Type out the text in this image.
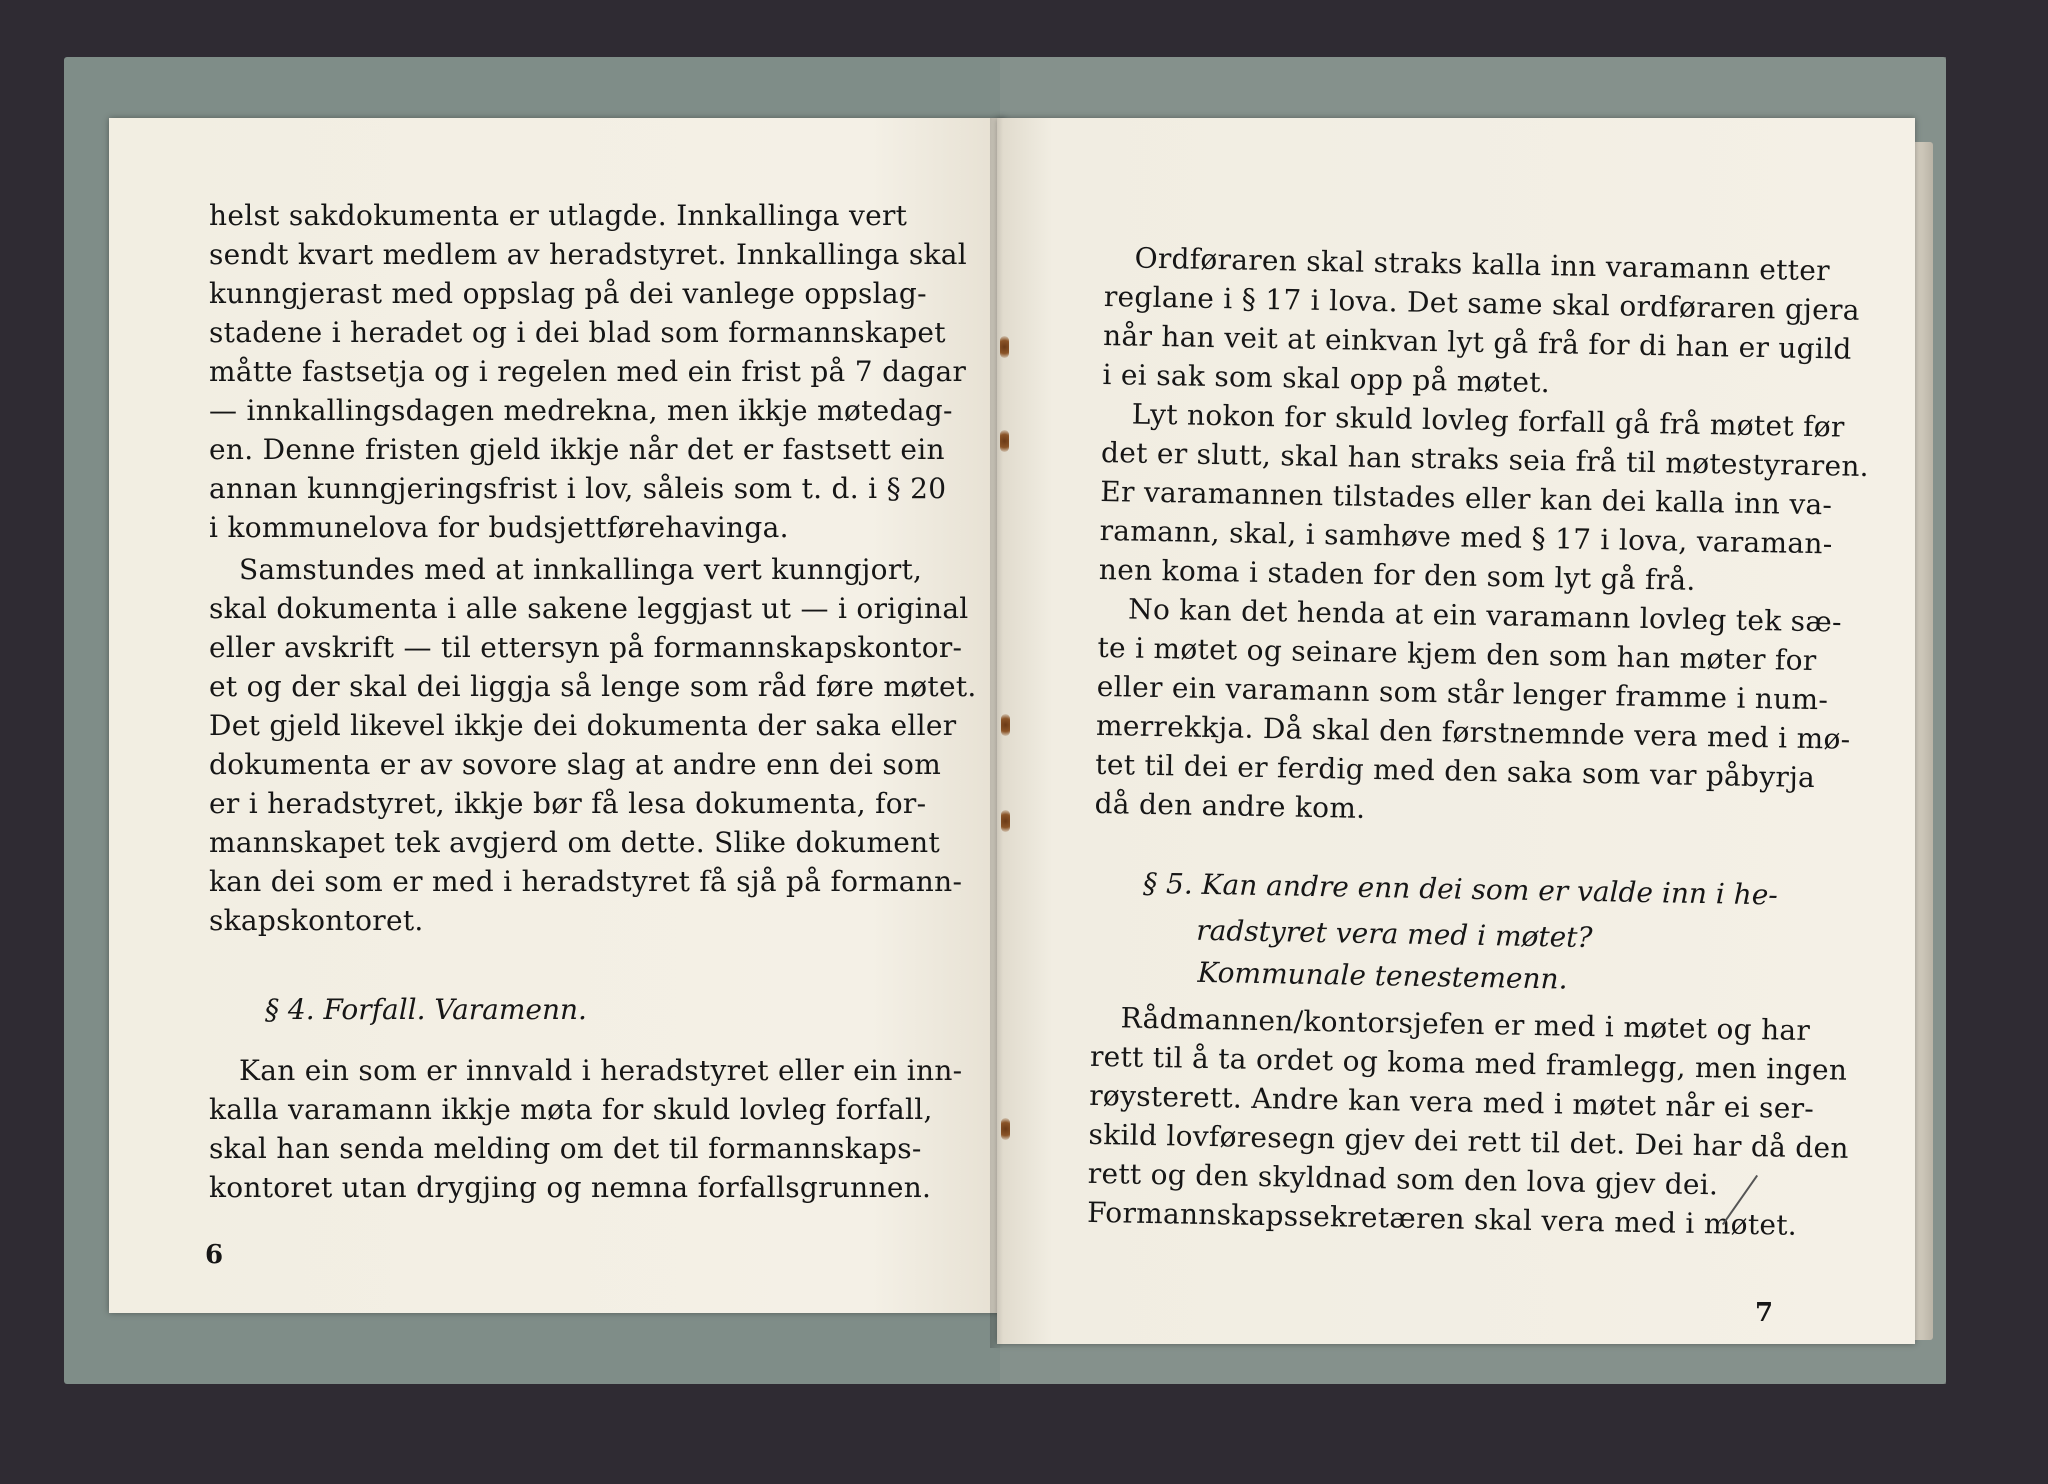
helst sakdokumenta er utlagde. Innkallinga vert
sendt kvart medlem av heradstyret. Innkallinga skal
kunngjerast med oppslag på dei vanlege oppslag-
stadene i heradet og i dei blad som formannskapet
måtte fastsetja og i regelen med ein frist på 7 dagar
— innkallingsdagen medrekna, men ikkje møtedag-
en. Denne fristen gjeld ikkje når det er fastsett ein
annan kunngjeringsfrist i lov, såleis som t. d. i § 20
i kommunelova for budsjettførehavinga.
Samstundes med at innkallinga vert kunngjort,
skal dokumenta i alle sakene leggjast ut — i original
eller avskrift — til ettersyn på formannskapskontor-
et og der skal dei liggja så lenge som råd føre møtet.
Det gjeld likevel ikkje dei dokumenta der saka eller
dokumenta er av sovore slag at andre enn dei som
er i heradstyret, ikkje bør få lesa dokumenta, for-
mannskapet tek avgjerd om dette. Slike dokument
kan dei som er med i heradstyret få sjå på formann-
skapskontoret.
§ 4. Forfall. Varamenn.
Kan ein som er innvald i heradstyret eller ein inn-
kalla varamann ikkje møta for skuld lovleg forfall,
skal han senda melding om det til formannskaps-
kontoret utan drygjing og nemna forfallsgrunnen.
6
Ordføraren skal straks kalla inn varamann etter
reglane i § 17 i lova. Det same skal ordføraren gjera
når han veit at einkvan lyt gå frå for di han er ugild
i ei sak som skal opp på møtet.
Lyt nokon for skuld lovleg forfall gå frå møtet før
det er slutt, skal han straks seia frå til møtestyraren.
Er varamannen tilstades eller kan dei kalla inn va-
ramann, skal, i samhøve med § 17 i lova, varaman-
nen koma i staden for den som lyt gå frå.
No kan det henda at ein varamann lovleg tek sæ-
te i møtet og seinare kjem den som han møter for
eller ein varamann som står lenger framme i num-
merrekkja. Då skal den førstnemnde vera med i mø-
tet til dei er ferdig med den saka som var påbyrja
då den andre kom.
§ 5. Kan andre enn dei som er valde inn i he-
radstyret vera med i møtet?
Kommunale tenestemenn.
Rådmannen/kontorsjefen er med i møtet og har
rett til å ta ordet og koma med framlegg, men ingen
røysterett. Andre kan vera med i møtet når ei ser-
skild lovføresegn gjev dei rett til det. Dei har då den
rett og den skyldnad som den lova gjev dei.
Formannskapssekretæren skal vera med i møtet.
7
